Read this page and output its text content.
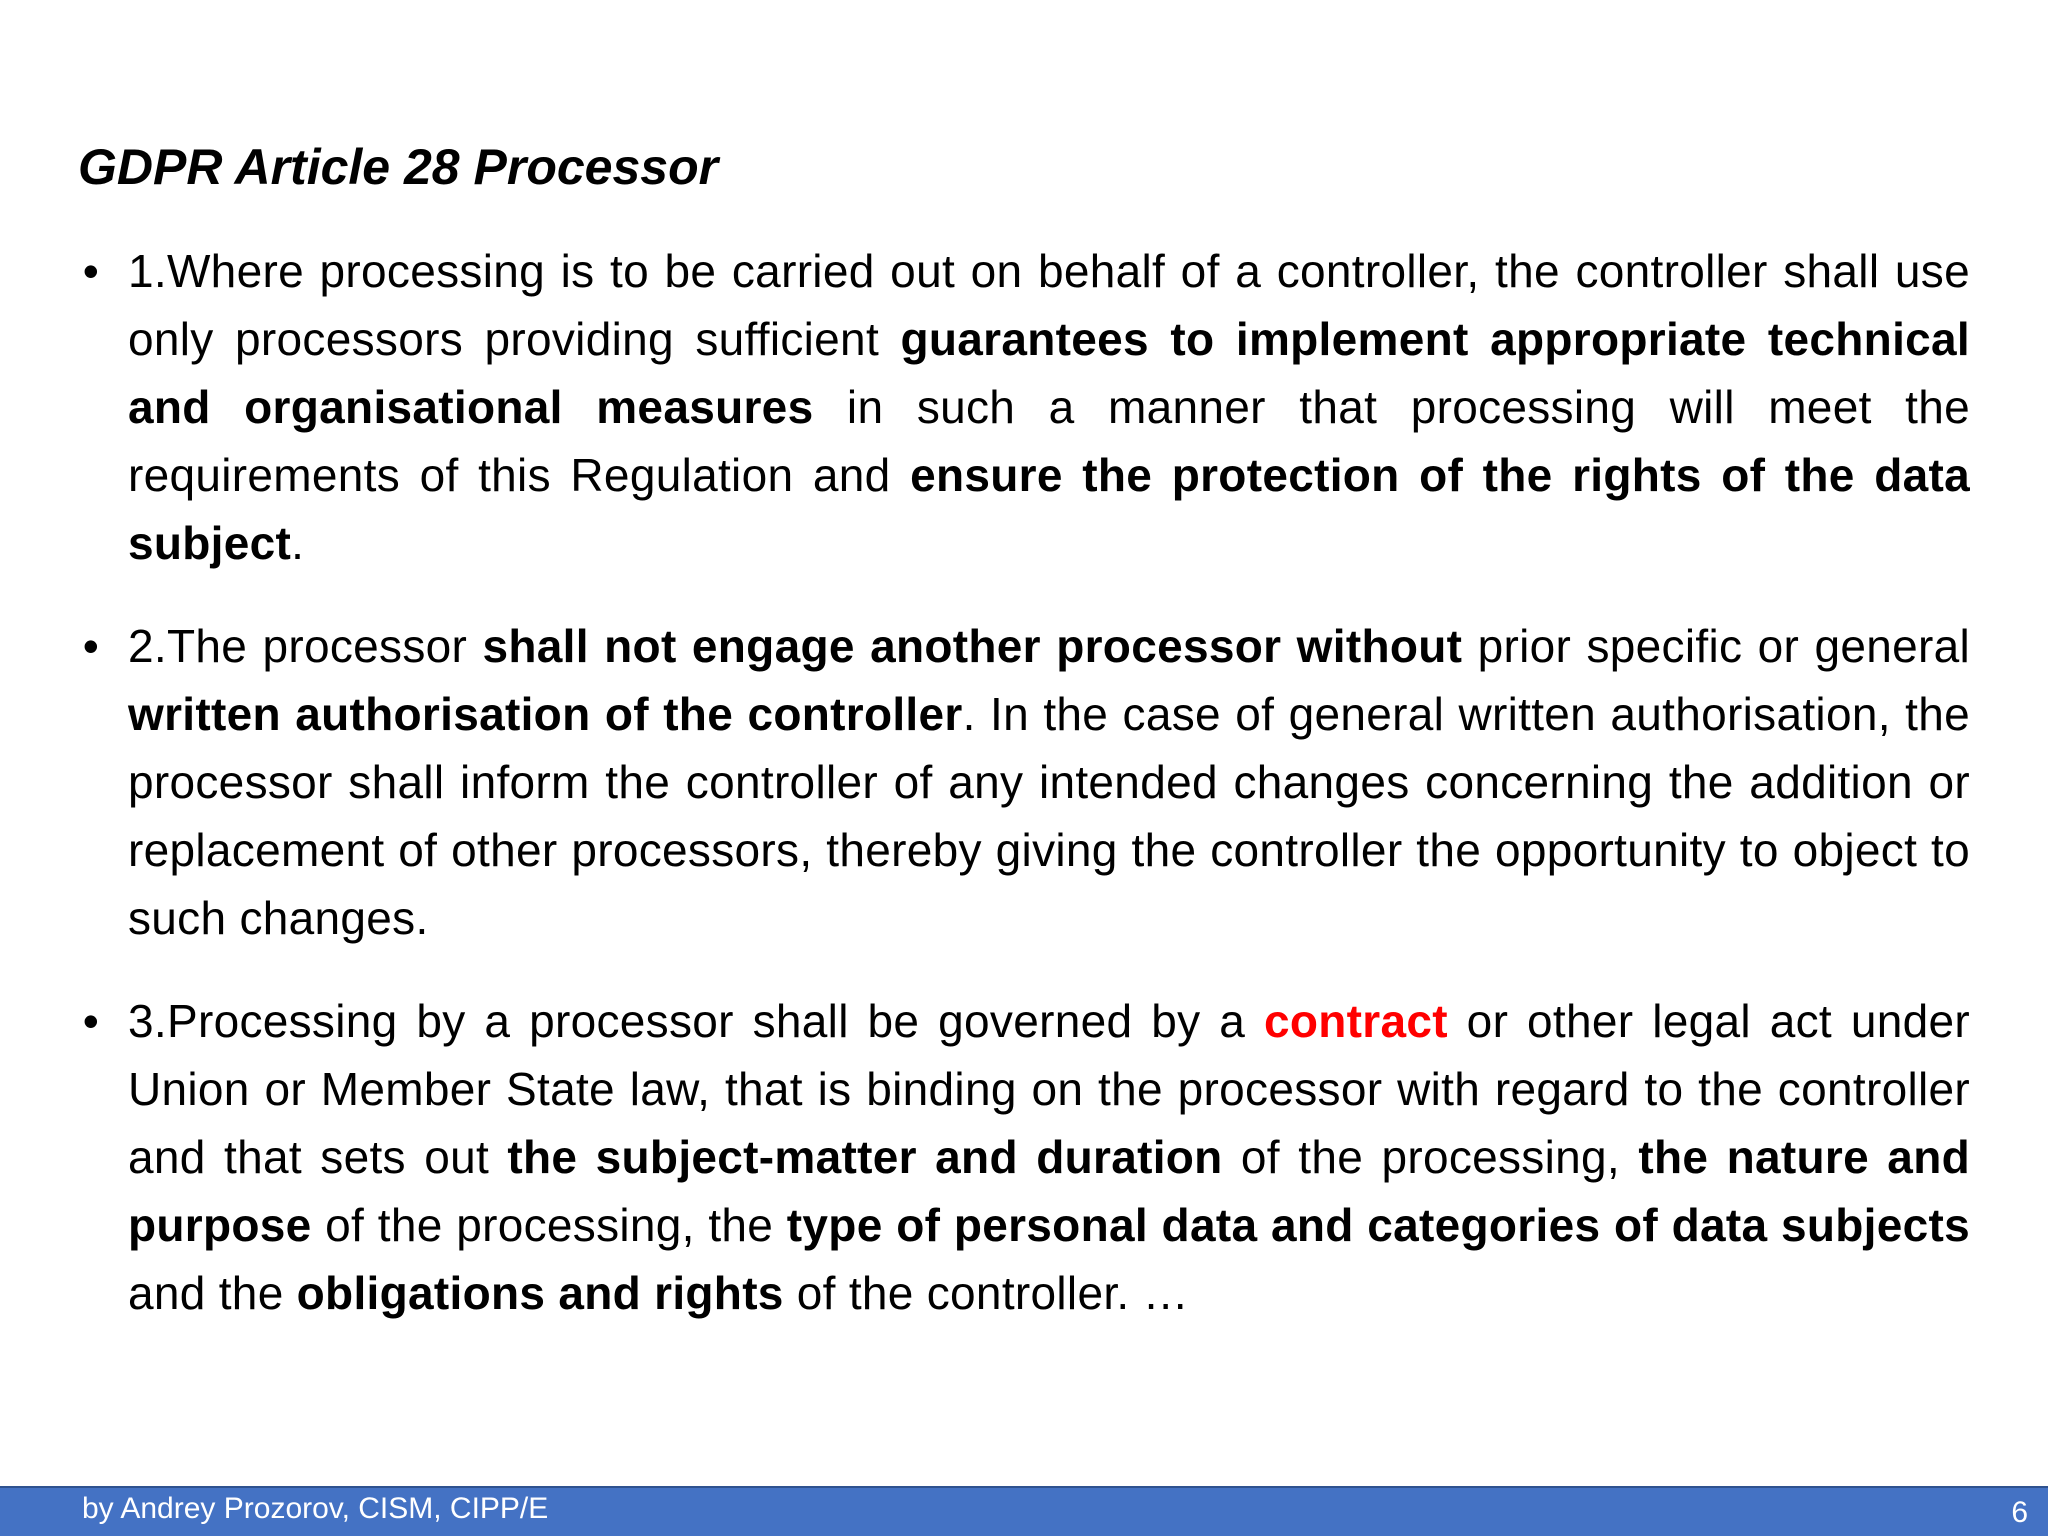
GDPR Article 28 Processor
• 1.Where processing is to be carried out on behalf of a controller, the controller shall use only processors providing sufficient guarantees to implement appropriate technical and organisational measures in such a manner that processing will meet the requirements of this Regulation and ensure the protection of the rights of the data subject.
• 2.The processor shall not engage another processor without prior specific or general written authorisation of the controller. In the case of general written authorisation, the processor shall inform the controller of any intended changes concerning the addition or replacement of other processors, thereby giving the controller the opportunity to object to such changes.
• 3.Processing by a processor shall be governed by a contract or other legal act under Union or Member State law, that is binding on the processor with regard to the controller and that sets out the subject-matter and duration of the processing, the nature and purpose of the processing, the type of personal data and categories of data subjects and the obligations and rights of the controller. …
by Andrey Prozorov, CISM, CIPP/E	6
